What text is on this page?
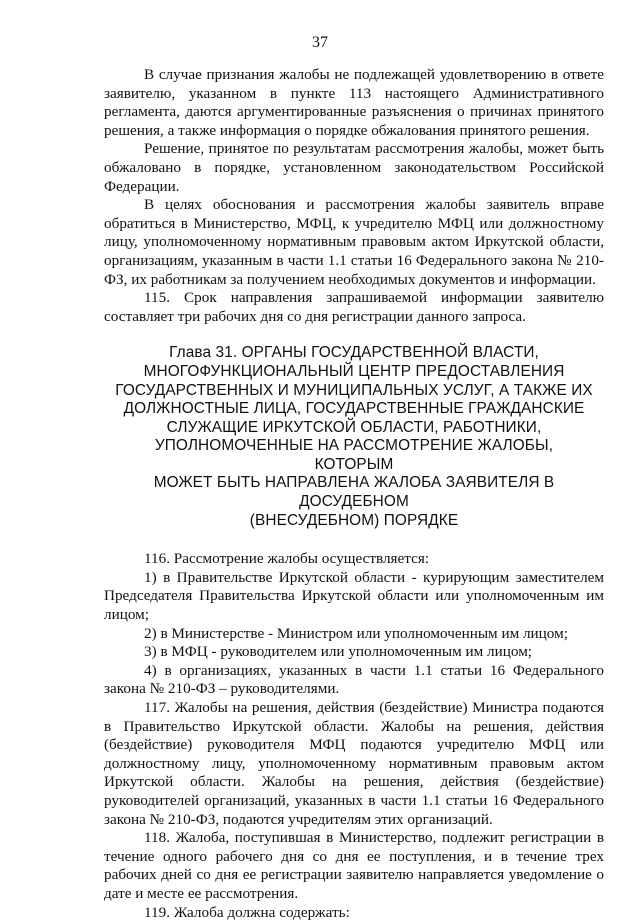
37

В случае признания жалобы не подлежащей удовлетворению в ответе заявителю, указанном в пункте 113 настоящего Административного регламента, даются аргументированные разъяснения о причинах принятого решения, а также информация о порядке обжалования принятого решения.

Решение, принятое по результатам рассмотрения жалобы, может быть обжаловано в порядке, установленном законодательством Российской Федерации.

В целях обоснования и рассмотрения жалобы заявитель вправе обратиться в Министерство, МФЦ, к учредителю МФЦ или должностному лицу, уполномоченному нормативным правовым актом Иркутской области, организациям, указанным в части 1.1 статьи 16 Федерального закона № 210-ФЗ, их работникам за получением необходимых документов и информации.

115. Срок направления запрашиваемой информации заявителю составляет три рабочих дня со дня регистрации данного запроса.

Глава 31. ОРГАНЫ ГОСУДАРСТВЕННОЙ ВЛАСТИ,
МНОГОФУНКЦИОНАЛЬНЫЙ ЦЕНТР ПРЕДОСТАВЛЕНИЯ
ГОСУДАРСТВЕННЫХ И МУНИЦИПАЛЬНЫХ УСЛУГ, А ТАКЖЕ ИХ
ДОЛЖНОСТНЫЕ ЛИЦА, ГОСУДАРСТВЕННЫЕ ГРАЖДАНСКИЕ
СЛУЖАЩИЕ ИРКУТСКОЙ ОБЛАСТИ, РАБОТНИКИ,
УПОЛНОМОЧЕННЫЕ НА РАССМОТРЕНИЕ ЖАЛОБЫ, КОТОРЫМ
МОЖЕТ БЫТЬ НАПРАВЛЕНА ЖАЛОБА ЗАЯВИТЕЛЯ В ДОСУДЕБНОМ
(ВНЕСУДЕБНОМ) ПОРЯДКЕ

116. Рассмотрение жалобы осуществляется:

1) в Правительстве Иркутской области - курирующим заместителем Председателя Правительства Иркутской области или уполномоченным им лицом;

2) в Министерстве - Министром или уполномоченным им лицом;

3) в МФЦ - руководителем или уполномоченным им лицом;

4) в организациях, указанных в части 1.1 статьи 16 Федерального закона № 210-ФЗ – руководителями.

117. Жалобы на решения, действия (бездействие) Министра подаются в Правительство Иркутской области. Жалобы на решения, действия (бездействие) руководителя МФЦ подаются учредителю МФЦ или должностному лицу, уполномоченному нормативным правовым актом Иркутской области. Жалобы на решения, действия (бездействие) руководителей организаций, указанных в части 1.1 статьи 16 Федерального закона № 210-ФЗ, подаются учредителям этих организаций.

118. Жалоба, поступившая в Министерство, подлежит регистрации в течение одного рабочего дня со дня ее поступления, и в течение трех рабочих дней со дня ее регистрации заявителю направляется уведомление о дате и месте ее рассмотрения.

119. Жалоба должна содержать:
